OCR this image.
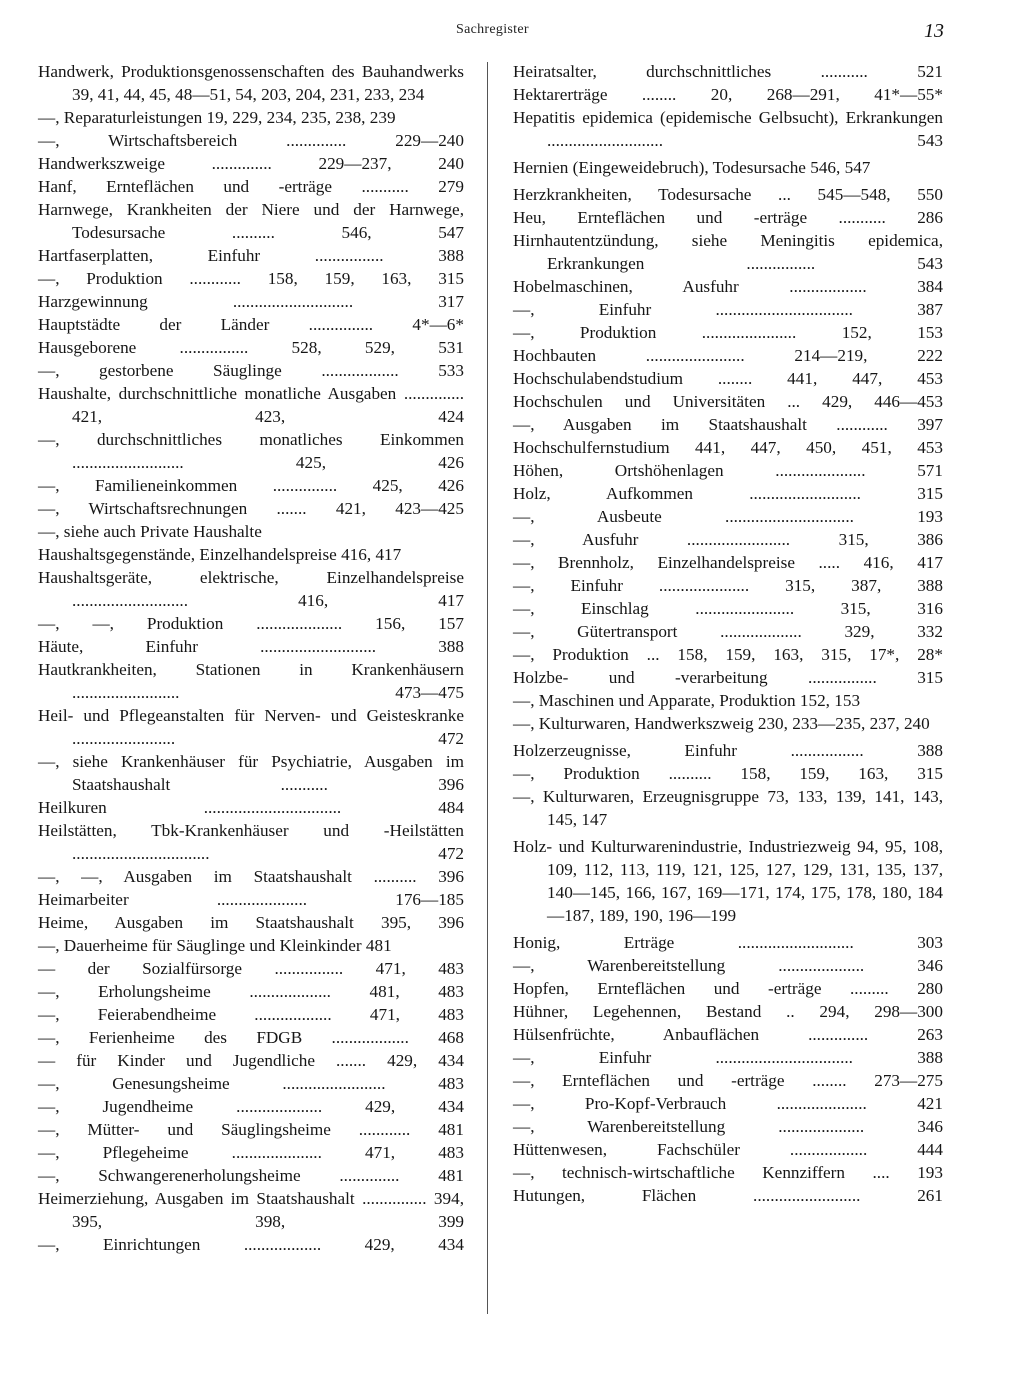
Sachregister	13
Handwerk, Produktionsgenossenschaften des Bauhandwerks 39, 41, 44, 45, 48—51, 54, 203, 204, 231, 233, 234
—, Reparaturleistungen 19, 229, 234, 235, 238, 239
—, Wirtschaftsbereich .............. 229—240
Handwerkszweige .............. 229—237, 240
Hanf, Ernteflächen und -erträge ........... 279
Harnwege, Krankheiten der Niere und der Harnwege, Todesursache .......... 546, 547
Hartfaserplatten, Einfuhr ................ 388
—, Produktion ............ 158, 159, 163, 315
Harzgewinnung ............................ 317
Hauptstädte der Länder ............... 4*—6*
Hausgeborene ................ 528, 529, 531
—, gestorbene Säuglinge .................. 533
Haushalte, durchschnittliche monatliche Ausgaben .............. 421, 423, 424
—, durchschnittliches monatliches Einkommen .......................... 425, 426
—, Familieneinkommen ............... 425, 426
—, Wirtschaftsrechnungen ....... 421, 423—425
—, siehe auch Private Haushalte
Haushaltsgegenstände, Einzelhandelspreise 416, 417
Haushaltsgeräte, elektrische, Einzelhandelspreise ........................... 416, 417
—, —, Produktion .................... 156, 157
Häute, Einfuhr ........................... 388
Hautkrankheiten, Stationen in Krankenhäusern ......................... 473—475
Heil- und Pflegeanstalten für Nerven- und Geisteskranke ........................ 472
—, siehe Krankenhäuser für Psychiatrie, Ausgaben im Staatshaushalt ........... 396
Heilkuren ................................ 484
Heilstätten, Tbk-Krankenhäuser und -Heilstätten ................................ 472
—, —, Ausgaben im Staatshaushalt .......... 396
Heimarbeiter ..................... 176—185
Heime, Ausgaben im Staatshaushalt 395, 396
—, Dauerheime für Säuglinge und Kleinkinder 481
— der Sozialfürsorge ................ 471, 483
—, Erholungsheime ................... 481, 483
—, Feierabendheime .................. 471, 483
—, Ferienheime des FDGB .................. 468
— für Kinder und Jugendliche ....... 429, 434
—, Genesungsheime ........................ 483
—, Jugendheime .................... 429, 434
—, Mütter- und Säuglingsheime ............ 481
—, Pflegeheime ..................... 471, 483
—, Schwangerenerholungsheime .............. 481
Heimerziehung, Ausgaben im Staatshaushalt ............... 394, 395, 398, 399
—, Einrichtungen .................. 429, 434
Heiratsalter, durchschnittliches ........... 521
Hektarerträge ........ 20, 268—291, 41*—55*
Hepatitis epidemica (epidemische Gelbsucht), Erkrankungen ........................... 543
Hernien (Eingeweidebruch), Todesursache 546, 547
Herzkrankheiten, Todesursache ... 545—548, 550
Heu, Ernteflächen und -erträge ........... 286
Hirnhautentzündung, siehe Meningitis epidemica, Erkrankungen ................ 543
Hobelmaschinen, Ausfuhr .................. 384
—, Einfuhr ................................ 387
—, Produktion ...................... 152, 153
Hochbauten ....................... 214—219, 222
Hochschulabendstudium ........ 441, 447, 453
Hochschulen und Universitäten ... 429, 446—453
—, Ausgaben im Staatshaushalt ............ 397
Hochschulfernstudium 441, 447, 450, 451, 453
Höhen, Ortshöhenlagen ..................... 571
Holz, Aufkommen .......................... 315
—, Ausbeute .............................. 193
—, Ausfuhr ........................ 315, 386
—, Brennholz, Einzelhandelspreise ..... 416, 417
—, Einfuhr ..................... 315, 387, 388
—, Einschlag ....................... 315, 316
—, Gütertransport ................... 329, 332
—, Produktion ... 158, 159, 163, 315, 17*, 28*
Holzbe- und -verarbeitung ................ 315
—, Maschinen und Apparate, Produktion 152, 153
—, Kulturwaren, Handwerkszweig 230, 233—235, 237, 240
Holzerzeugnisse, Einfuhr ................. 388
—, Produktion .......... 158, 159, 163, 315
—, Kulturwaren, Erzeugnisgruppe 73, 133, 139, 141, 143, 145, 147
Holz- und Kulturwarenindustrie, Industriezweig 94, 95, 108, 109, 112, 113, 119, 121, 125, 127, 129, 131, 135, 137, 140—145, 166, 167, 169—171, 174, 175, 178, 180, 184—187, 189, 190, 196—199
Honig, Erträge ........................... 303
—, Warenbereitstellung .................... 346
Hopfen, Ernteflächen und -erträge ......... 280
Hühner, Legehennen, Bestand .. 294, 298—300
Hülsenfrüchte, Anbauflächen .............. 263
—, Einfuhr ................................ 388
—, Ernteflächen und -erträge ........ 273—275
—, Pro-Kopf-Verbrauch ..................... 421
—, Warenbereitstellung .................... 346
Hüttenwesen, Fachschüler .................. 444
—, technisch-wirtschaftliche Kennziffern .... 193
Hutungen, Flächen ......................... 261
